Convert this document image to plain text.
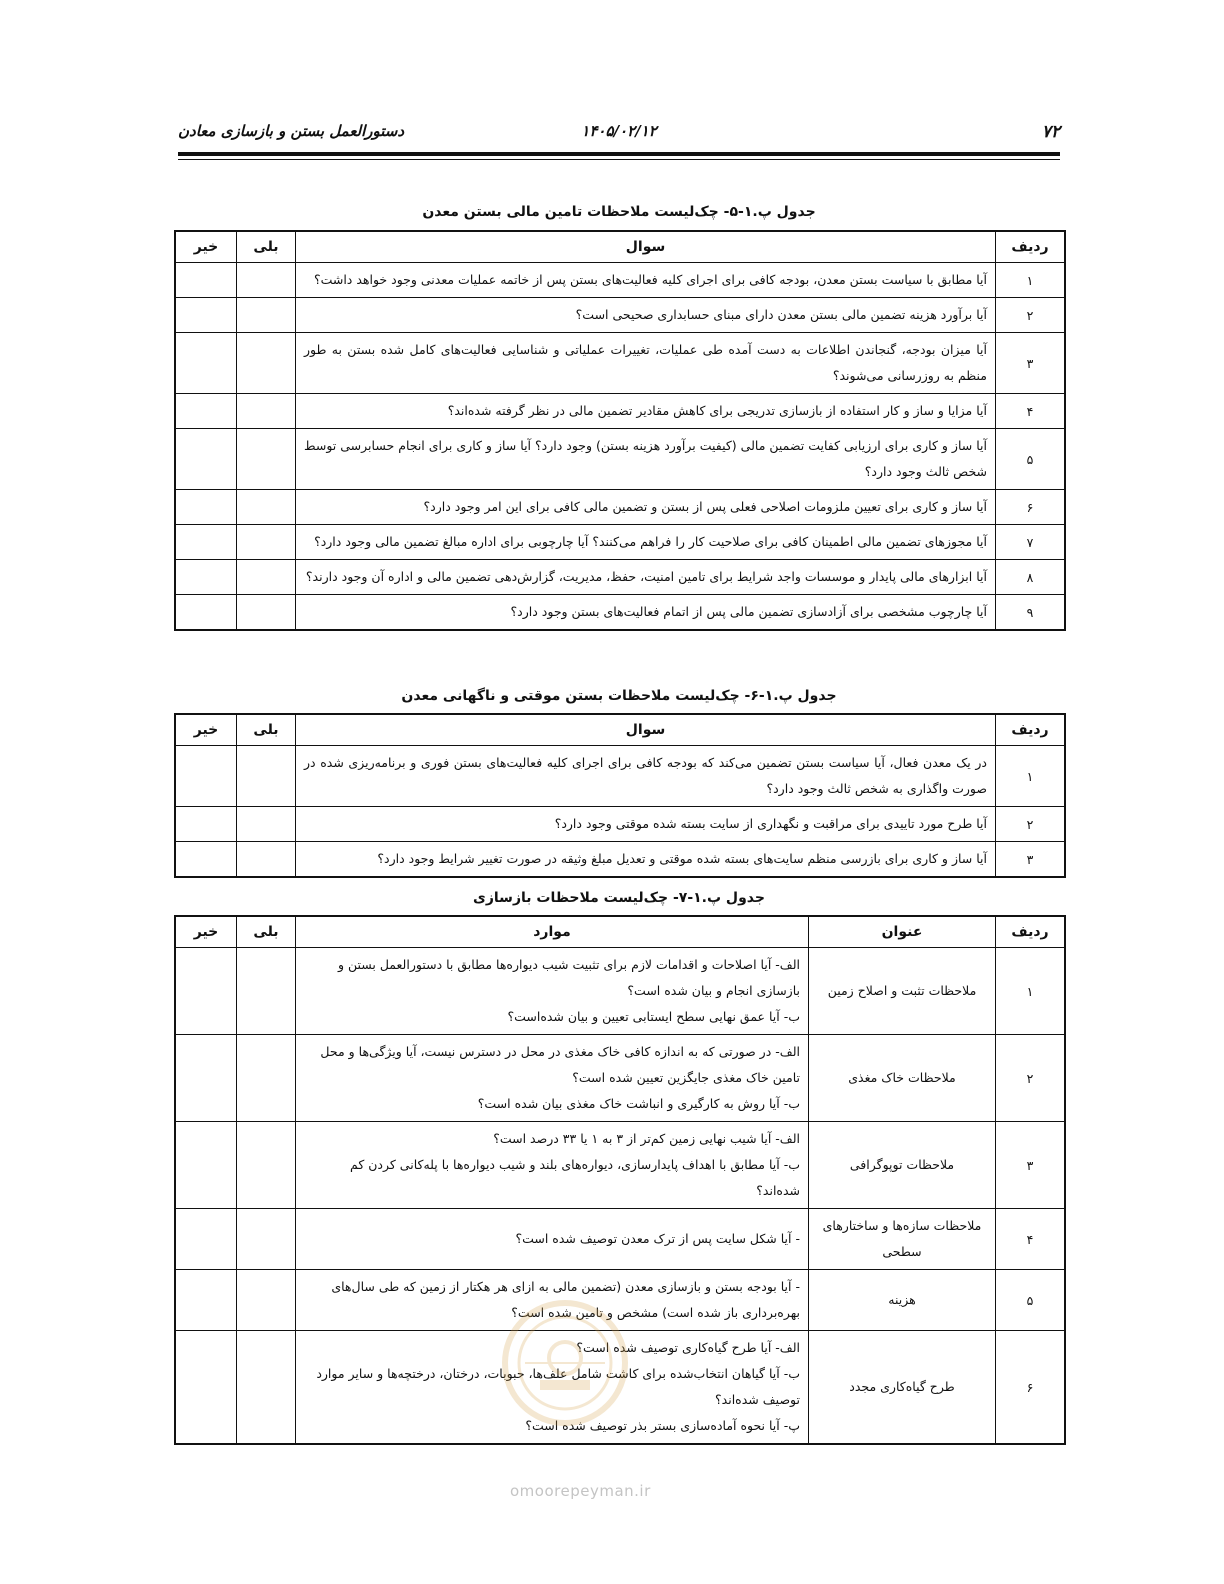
۷۲
۱۴۰۵/۰۲/۱۲
دستورالعمل بستن و بازسازی معادن
جدول پ.۱-۵- چک‌لیست ملاحظات تامین مالی بستن معدن
ردیف	سوال	بلی	خیر
۱	آیا مطابق با سیاست بستن معدن، بودجه کافی برای اجرای کلیه فعالیت‌های بستن پس از خاتمه عملیات معدنی وجود خواهد داشت؟		
۲	آیا برآورد هزینه تضمین مالی بستن معدن دارای مبنای حسابداری صحیحی است؟		
۳	آیا میزان بودجه، گنجاندن اطلاعات به دست آمده طی عملیات، تغییرات عملیاتی و شناسایی فعالیت‌های کامل شده بستن به طور منظم به روزرسانی می‌شوند؟		
۴	آیا مزایا و ساز و کار استفاده از بازسازی تدریجی برای کاهش مقادیر تضمین مالی در نظر گرفته شده‌اند؟		
۵	آیا ساز و کاری برای ارزیابی کفایت تضمین مالی (کیفیت برآورد هزینه بستن) وجود دارد؟ آیا ساز و کاری برای انجام حسابرسی توسط شخص ثالث وجود دارد؟		
۶	آیا ساز و کاری برای تعیین ملزومات اصلاحی فعلی پس از بستن و تضمین مالی کافی برای این امر وجود دارد؟		
۷	آیا مجوزهای تضمین مالی اطمینان کافی برای صلاحیت کار را فراهم می‌کنند؟ آیا چارچوبی برای اداره مبالغ تضمین مالی وجود دارد؟		
۸	آیا ابزارهای مالی پایدار و موسسات واجد شرایط برای تامین امنیت، حفظ، مدیریت، گزارش‌دهی تضمین مالی و اداره آن وجود دارند؟		
۹	آیا چارچوب مشخصی برای آزادسازی تضمین مالی پس از اتمام فعالیت‌های بستن وجود دارد؟		
جدول پ.۱-۶- چک‌لیست ملاحظات بستن موقتی و ناگهانی معدن
ردیف	سوال	بلی	خیر
۱	در یک معدن فعال، آیا سیاست بستن تضمین می‌کند که بودجه کافی برای اجرای کلیه فعالیت‌های بستن فوری و برنامه‌ریزی شده در صورت واگذاری به شخص ثالث وجود دارد؟		
۲	آیا طرح مورد تاییدی برای مراقبت و نگهداری از سایت بسته شده موقتی وجود دارد؟		
۳	آیا ساز و کاری برای بازرسی منظم سایت‌های بسته شده موقتی و تعدیل مبلغ وثیقه در صورت تغییر شرایط وجود دارد؟		
جدول پ.۱-۷- چک‌لیست ملاحظات بازسازی
ردیف	عنوان	موارد	بلی	خیر
۱	ملاحظات تثبت و اصلاح زمین	الف- آیا اصلاحات و اقدامات لازم برای تثبیت شیب دیواره‌ها مطابق با دستورالعمل بستن و بازسازی انجام و بیان شده است؟
ب- آیا عمق نهایی سطح ایستابی تعیین و بیان شده‌است؟		

۲	ملاحظات خاک مغذی	الف- در صورتی که به اندازه کافی خاک مغذی در محل در دسترس نیست، آیا ویژگی‌ها و محل تامین خاک مغذی جایگزین تعیین شده است؟
ب- آیا روش به کارگیری و انباشت خاک مغذی بیان شده است؟		

۳	ملاحظات توپوگرافی	الف- آیا شیب نهایی زمین کم‌تر از ۳ به ۱ یا ۳۳ درصد است؟
ب- آیا مطابق با اهداف پایدارسازی، دیواره‌های بلند و شیب دیواره‌ها با پله‌کانی کردن کم شده‌اند؟		

۴	ملاحظات سازه‌ها و ساختارهای سطحی	- آیا شکل سایت پس از ترک معدن توصیف شده است؟		

۵	هزینه	- آیا بودجه بستن و بازسازی معدن (تضمین مالی به ازای هر هکتار از زمین که طی سال‌های بهره‌برداری باز شده است) مشخص و تامین شده است؟		

۶	طرح گیاه‌کاری مجدد	الف- آیا طرح گیاه‌کاری توصیف شده است؟
ب- آیا گیاهان انتخاب‌شده برای کاشت شامل علف‌ها، حبوبات، درختان، درختچه‌ها و سایر موارد توصیف شده‌اند؟
پ- آیا نحوه آماده‌سازی بستر بذر توصیف شده است؟		

omoorepeyman.ir
